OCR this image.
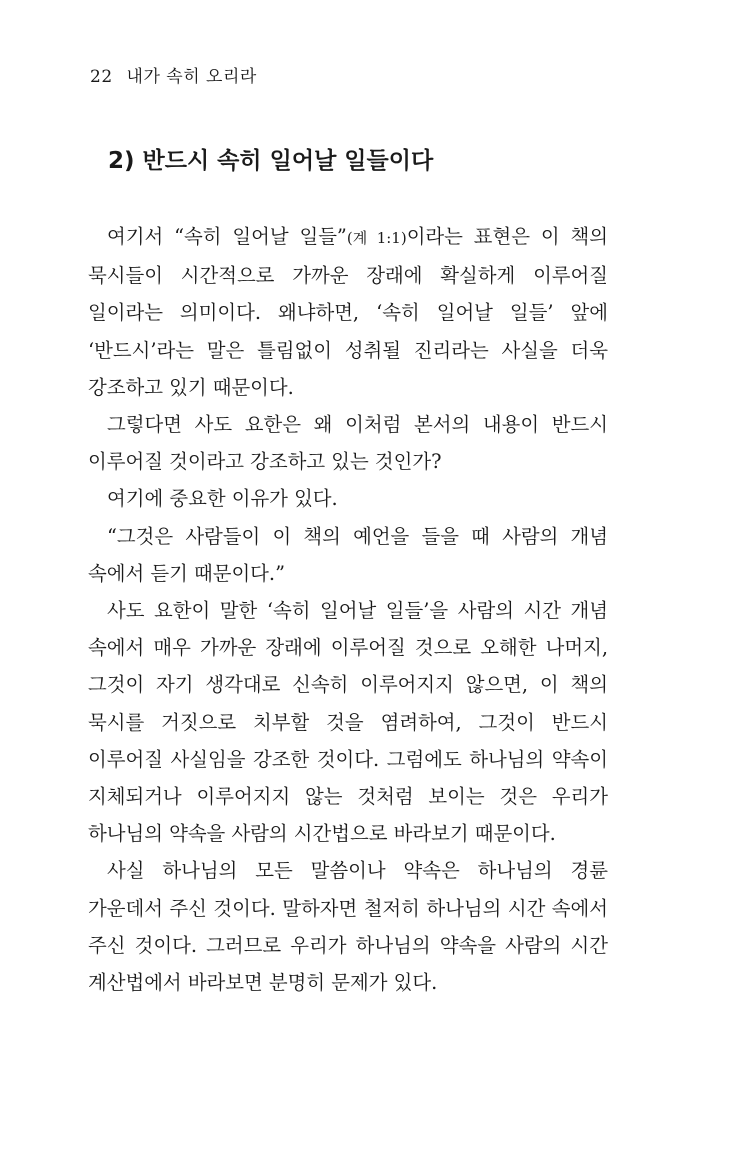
22 내가 속히 오리라
2) 반드시 속히 일어날 일들이다

여기서 “속히 일어날 일들”(계 1:1)이라는 표현은 이 책의 묵시들이 시간적으로 가까운 장래에 확실하게 이루어질 일이라는 의미이다. 왜냐하면, ‘속히 일어날 일들’ 앞에 ‘반드시’라는 말은 틀림없이 성취될 진리라는 사실을 더욱 강조하고 있기 때문이다.

그렇다면 사도 요한은 왜 이처럼 본서의 내용이 반드시 이루어질 것이라고 강조하고 있는 것인가?

여기에 중요한 이유가 있다.

“그것은 사람들이 이 책의 예언을 들을 때 사람의 개념 속에서 듣기 때문이다.”

사도 요한이 말한 ‘속히 일어날 일들’을 사람의 시간 개념 속에서 매우 가까운 장래에 이루어질 것으로 오해한 나머지, 그것이 자기 생각대로 신속히 이루어지지 않으면, 이 책의 묵시를 거짓으로 치부할 것을 염려하여, 그것이 반드시 이루어질 사실임을 강조한 것이다. 그럼에도 하나님의 약속이 지체되거나 이루어지지 않는 것처럼 보이는 것은 우리가 하나님의 약속을 사람의 시간법으로 바라보기 때문이다.

사실 하나님의 모든 말씀이나 약속은 하나님의 경륜 가운데서 주신 것이다. 말하자면 철저히 하나님의 시간 속에서 주신 것이다. 그러므로 우리가 하나님의 약속을 사람의 시간 계산법에서 바라보면 분명히 문제가 있다.
